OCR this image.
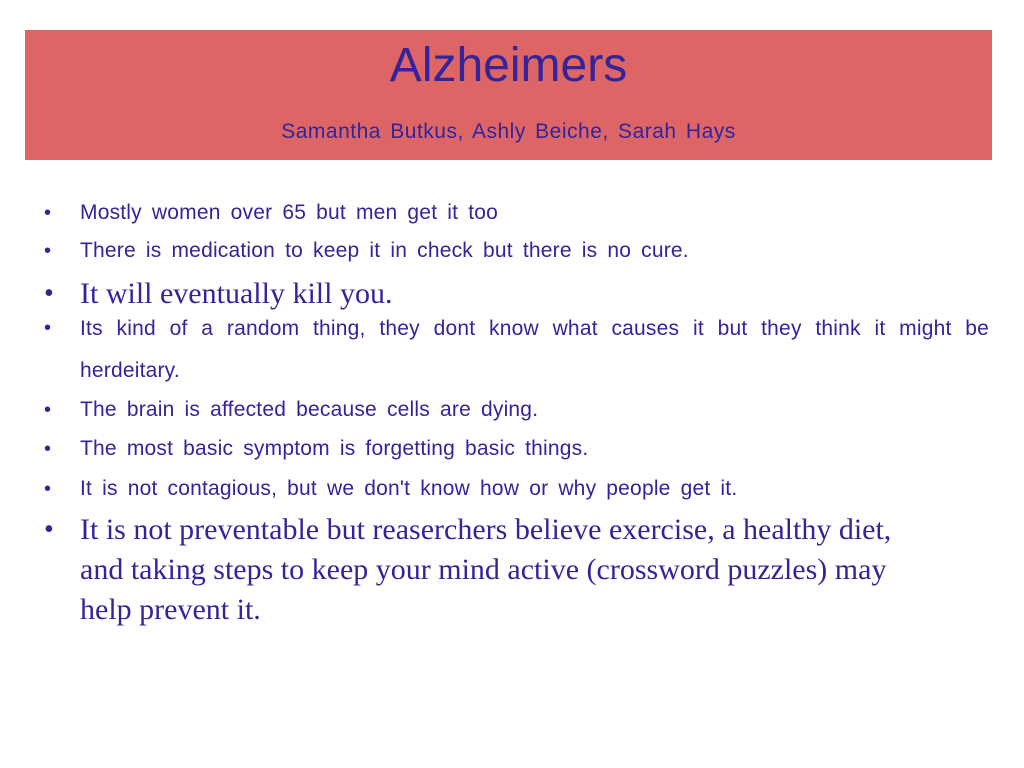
Alzheimers
Samantha Butkus, Ashly Beiche, Sarah Hays
•	Mostly women over 65 but men get it too
•	There is medication to keep it in check but there is no cure.
• It will eventually kill you.
•	Its kind of a random thing, they dont know what causes it but they think it might be herdeitary.
•	The brain is affected because cells are dying.
•	The most basic symptom is forgetting basic things.
•	It is not contagious, but we don't know how or why people get it.
• It is not preventable but reaserchers believe exercise, a healthy diet, and taking steps to keep your mind active (crossword puzzles) may help prevent it.
